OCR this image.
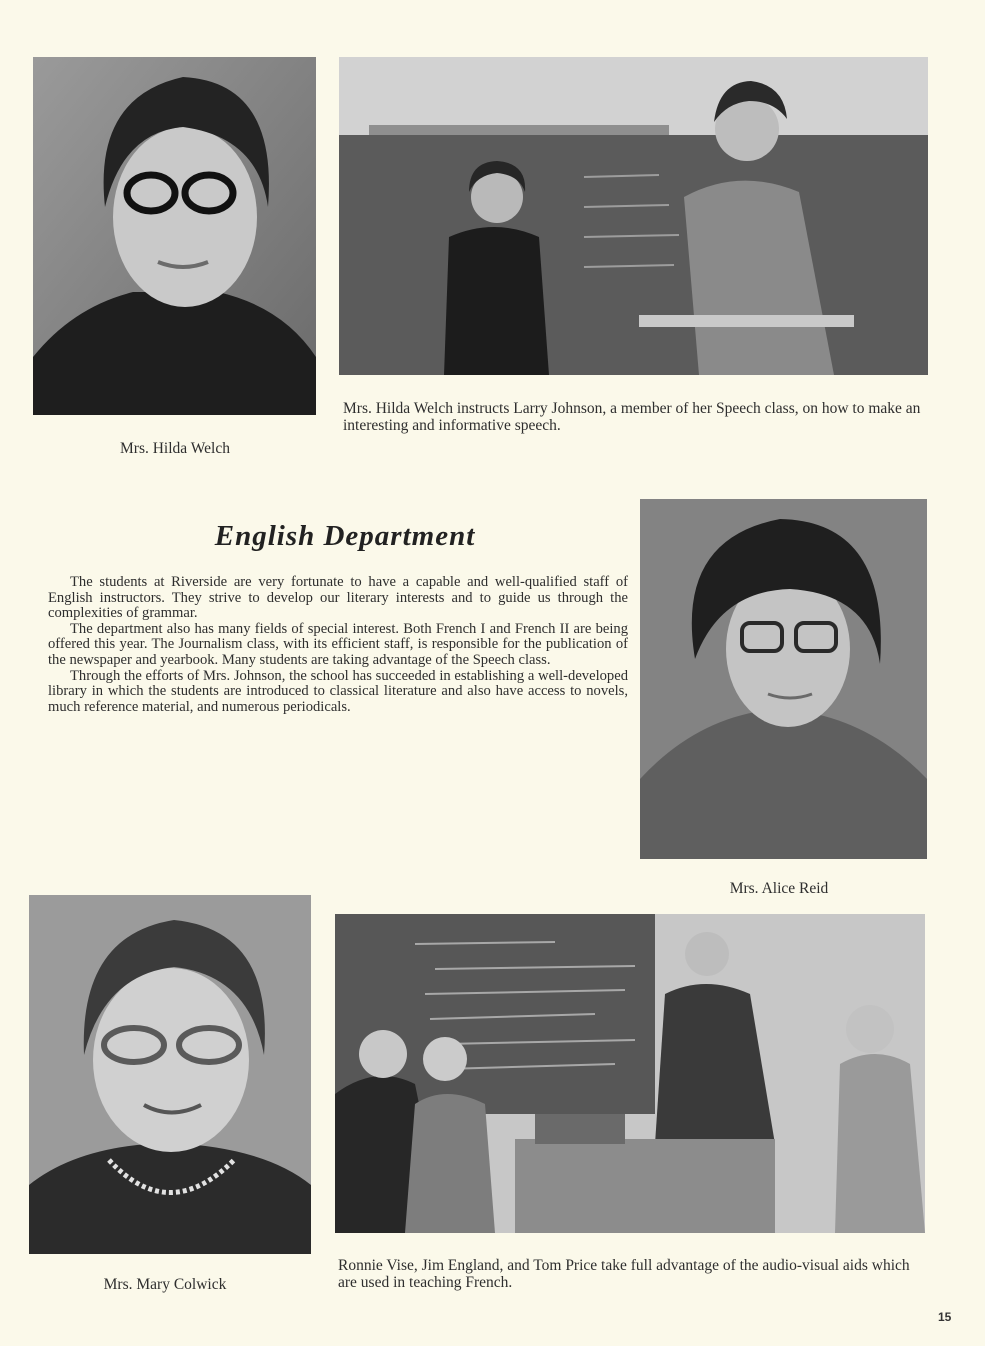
Mrs. Hilda Welch
Mrs. Hilda Welch instructs Larry Johnson, a member of her Speech class, on how to make an interesting and informative speech.
English Department

The students at Riverside are very fortunate to have a capable and well-qualified staff of English instructors. They strive to develop our literary interests and to guide us through the complexities of grammar.

The department also has many fields of special interest. Both French I and French II are being offered this year. The Journalism class, with its efficient staff, is responsible for the publication of the newspaper and yearbook. Many students are taking advantage of the Speech class.

Through the efforts of Mrs. Johnson, the school has succeeded in establishing a well-developed library in which the students are introduced to classical literature and also have access to novels, much reference material, and numerous periodicals.

Mrs. Alice Reid
Mrs. Mary Colwick
Ronnie Vise, Jim England, and Tom Price take full advantage of the audio-visual aids which are used in teaching French.
15
